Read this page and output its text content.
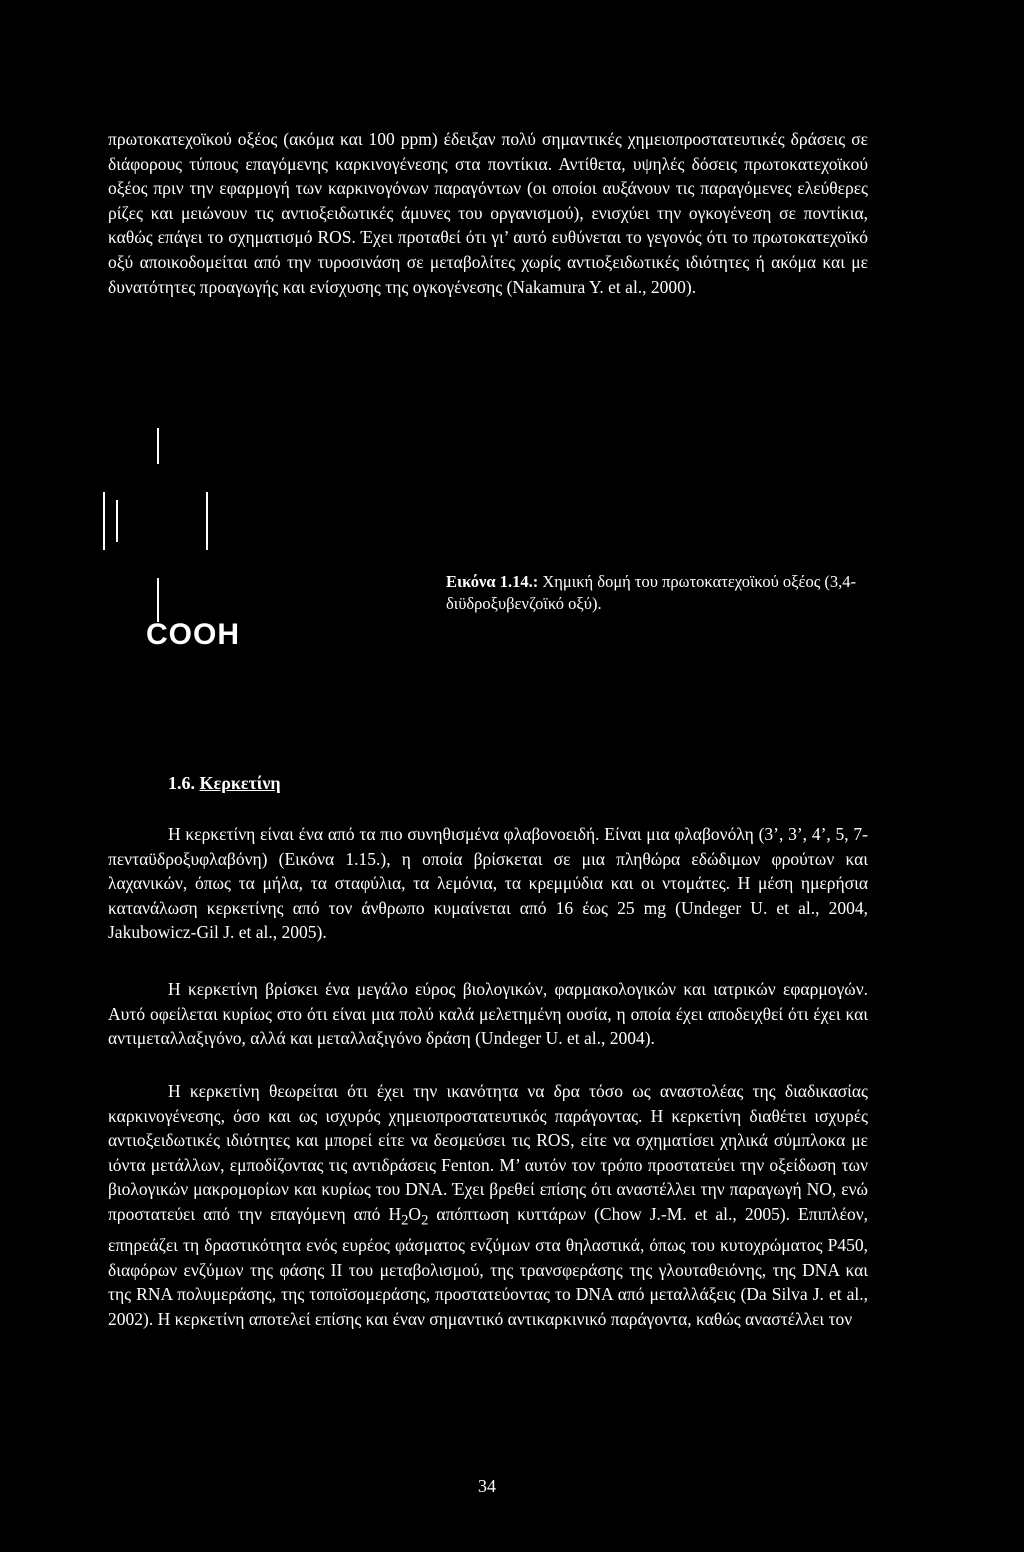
πρωτοκατεχοϊκού οξέος (ακόμα και 100 ppm) έδειξαν πολύ σημαντικές χημειοπροστατευτικές δράσεις σε διάφορους τύπους επαγόμενης καρκινογένεσης στα ποντίκια. Αντίθετα, υψηλές δόσεις πρωτοκατεχοϊκού οξέος πριν την εφαρμογή των καρκινογόνων παραγόντων (οι οποίοι αυξάνουν τις παραγόμενες ελεύθερες ρίζες και μειώνουν τις αντιοξειδωτικές άμυνες του οργανισμού), ενισχύει την ογκογένεση σε ποντίκια, καθώς επάγει το σχηματισμό ROS. Έχει προταθεί ότι γι’ αυτό ευθύνεται το γεγονός ότι το πρωτοκατεχοϊκό οξύ αποικοδομείται από την τυροσινάση σε μεταβολίτες χωρίς αντιοξειδωτικές ιδιότητες ή ακόμα και με δυνατότητες προαγωγής και ενίσχυσης της ογκογένεσης (Nakamura Y. et al., 2000).

COOH

Εικόνα 1.14.: Χημική δομή του πρωτοκατεχοϊκού οξέος (3,4-διϋδροξυβενζοϊκό οξύ).

1.6. Κερκετίνη

Η κερκετίνη είναι ένα από τα πιο συνηθισμένα φλαβονοειδή. Είναι μια φλαβονόλη (3’, 3’, 4’, 5, 7-πενταϋδροξυφλαβόνη) (Εικόνα 1.15.), η οποία βρίσκεται σε μια πληθώρα εδώδιμων φρούτων και λαχανικών, όπως τα μήλα, τα σταφύλια, τα λεμόνια, τα κρεμμύδια και οι ντομάτες. Η μέση ημερήσια κατανάλωση κερκετίνης από τον άνθρωπο κυμαίνεται από 16 έως 25 mg (Undeger U. et al., 2004, Jakubowicz-Gil J. et al., 2005).

Η κερκετίνη βρίσκει ένα μεγάλο εύρος βιολογικών, φαρμακολογικών και ιατρικών εφαρμογών. Αυτό οφείλεται κυρίως στο ότι είναι μια πολύ καλά μελετημένη ουσία, η οποία έχει αποδειχθεί ότι έχει και αντιμεταλλαξιγόνο, αλλά και μεταλλαξιγόνο δράση (Undeger U. et al., 2004).

Η κερκετίνη θεωρείται ότι έχει την ικανότητα να δρα τόσο ως αναστολέας της διαδικασίας καρκινογένεσης, όσο και ως ισχυρός χημειοπροστατευτικός παράγοντας. Η κερκετίνη διαθέτει ισχυρές αντιοξειδωτικές ιδιότητες και μπορεί είτε να δεσμεύσει τις ROS, είτε να σχηματίσει χηλικά σύμπλοκα με ιόντα μετάλλων, εμποδίζοντας τις αντιδράσεις Fenton. Μ’ αυτόν τον τρόπο προστατεύει την οξείδωση των βιολογικών μακρομορίων και κυρίως του DNA. Έχει βρεθεί επίσης ότι αναστέλλει την παραγωγή NO, ενώ προστατεύει από την επαγόμενη από $H_2O_2$ απόπτωση κυττάρων (Chow J.-M. et al., 2005). Επιπλέον, επηρεάζει τη δραστικότητα ενός ευρέος φάσματος ενζύμων στα θηλαστικά, όπως του κυτοχρώματος P450, διαφόρων ενζύμων της φάσης II του μεταβολισμού, της τρανσφεράσης της γλουταθειόνης, της DNA και της RNA πολυμεράσης, της τοποϊσομεράσης, προστατεύοντας το DNA από μεταλλάξεις (Da Silva J. et al., 2002). Η κερκετίνη αποτελεί επίσης και έναν σημαντικό αντικαρκινικό παράγοντα, καθώς αναστέλλει τον

34
